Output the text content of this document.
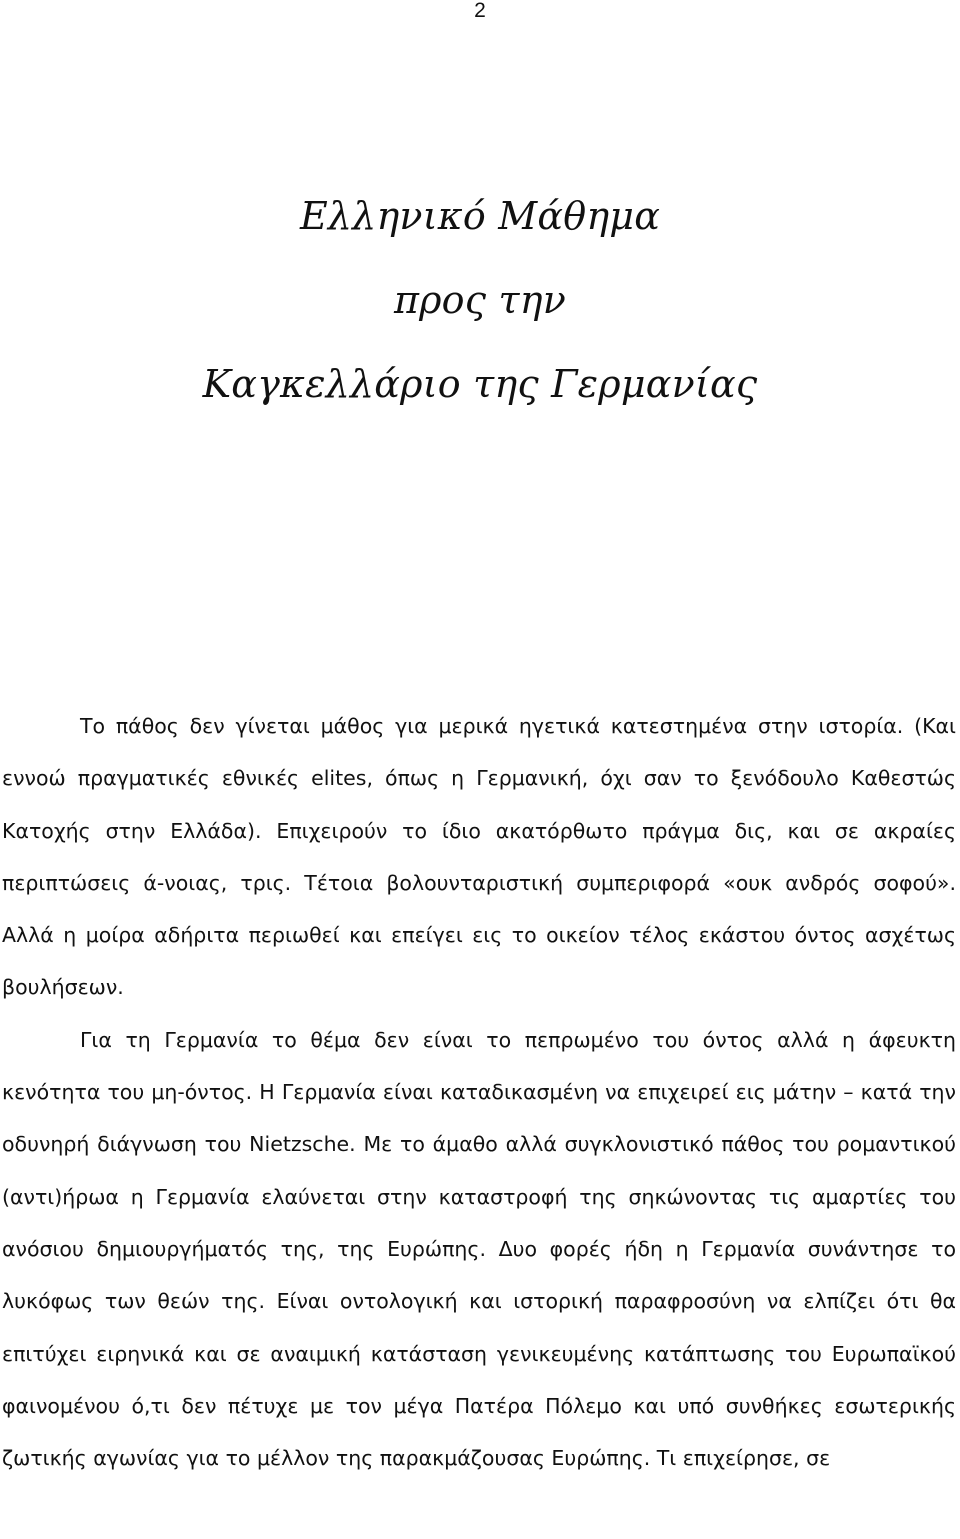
2
Ελληνικό Μάθημα
προς την
Καγκελλάριο της Γερμανίας

Το πάθος δεν γίνεται μάθος για μερικά ηγετικά κατεστημένα στην ιστορία. (Και εννοώ πραγματικές εθνικές elites, όπως η Γερμανική, όχι σαν το ξενόδουλο Καθεστώς Κατοχής στην Ελλάδα). Επιχειρούν το ίδιο ακατόρθωτο πράγμα δις, και σε ακραίες περιπτώσεις ά-νοιας, τρις. Τέτοια βολουνταριστική συμπεριφορά «ουκ ανδρός σοφού». Αλλά η μοίρα αδήριτα περιωθεί και επείγει εις το οικείον τέλος εκάστου όντος ασχέτως βουλήσεων.

Για τη Γερμανία το θέμα δεν είναι το πεπρωμένο του όντος αλλά η άφευκτη κενότητα του μη-όντος. Η Γερμανία είναι καταδικασμένη να επιχειρεί εις μάτην – κατά την οδυνηρή διάγνωση του Nietzsche. Με το άμαθο αλλά συγκλονιστικό πάθος του ρομαντικού (αντι)ήρωα η Γερμανία ελαύνεται στην καταστροφή της σηκώνοντας τις αμαρτίες του ανόσιου δημιουργήματός της, της Ευρώπης. Δυο φορές ήδη η Γερμανία συνάντησε το λυκόφως των θεών της. Είναι οντολογική και ιστορική παραφροσύνη να ελπίζει ότι θα επιτύχει ειρηνικά και σε αναιμική κατάσταση γενικευμένης κατάπτωσης του Ευρωπαϊκού φαινομένου ό,τι δεν πέτυχε με τον μέγα Πατέρα Πόλεμο και υπό συνθήκες εσωτερικής ζωτικής αγωνίας για το μέλλον της παρακμάζουσας Ευρώπης. Τι επιχείρησε, σε
